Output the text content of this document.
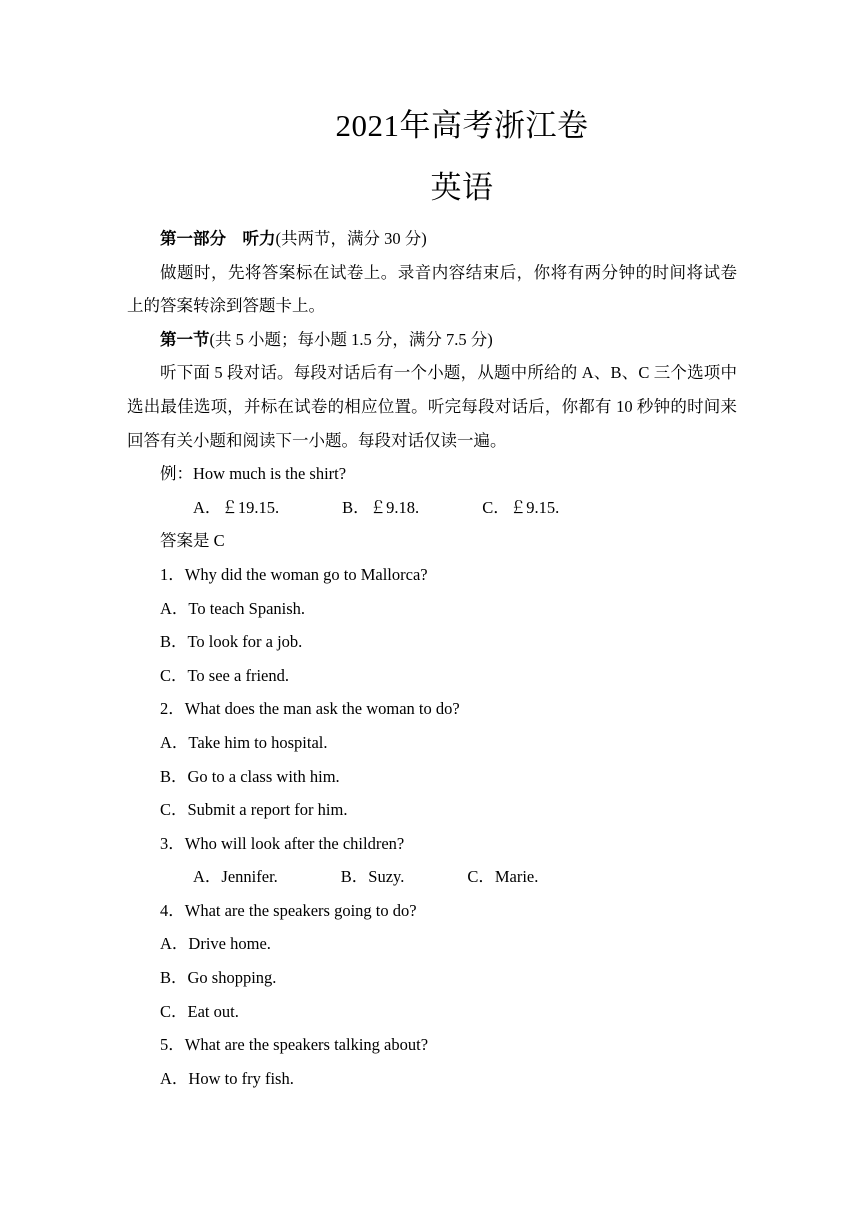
2021年高考浙江卷
英语

第一部分　听力(共两节，满分 30 分)

做题时，先将答案标在试卷上。录音内容结束后，你将有两分钟的时间将试卷上的答案转涂到答题卡上。

第一节(共 5 小题；每小题 1.5 分，满分 7.5 分)

听下面 5 段对话。每段对话后有一个小题，从题中所给的 A、B、C 三个选项中选出最佳选项，并标在试卷的相应位置。听完每段对话后，你都有 10 秒钟的时间来回答有关小题和阅读下一小题。每段对话仅读一遍。

例：How much is the shirt?

A．￡19.15.	B．￡9.18.	C．￡9.15.

答案是 C

1．Why did the woman go to Mallorca?

A．To teach Spanish.

B．To look for a job.

C．To see a friend.

2．What does the man ask the woman to do?

A．Take him to hospital.

B．Go to a class with him.

C．Submit a report for him.

3．Who will look after the children?

A．Jennifer.	B．Suzy.	C．Marie.

4．What are the speakers going to do?

A．Drive home.

B．Go shopping.

C．Eat out.

5．What are the speakers talking about?

A．How to fry fish.
